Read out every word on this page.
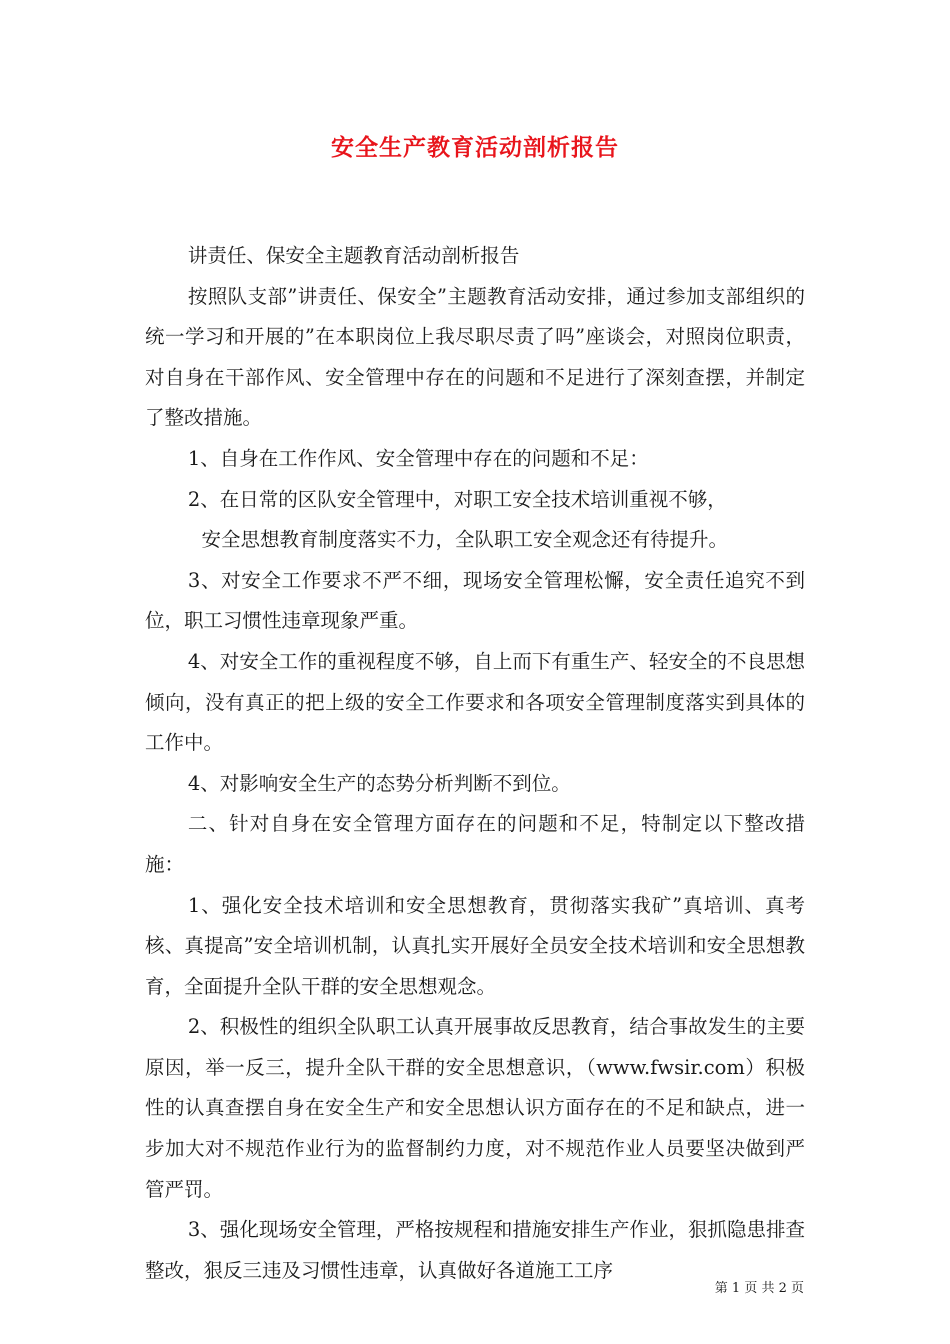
安全生产教育活动剖析报告

讲责任、保安全主题教育活动剖析报告

按照队支部”讲责任、保安全”主题教育活动安排，通过参加支部组织的统一学习和开展的”在本职岗位上我尽职尽责了吗”座谈会，对照岗位职责，对自身在干部作风、安全管理中存在的问题和不足进行了深刻查摆，并制定了整改措施。

1、自身在工作作风、安全管理中存在的问题和不足：

2、在日常的区队安全管理中，对职工安全技术培训重视不够，

安全思想教育制度落实不力，全队职工安全观念还有待提升。

3、对安全工作要求不严不细，现场安全管理松懈，安全责任追究不到位，职工习惯性违章现象严重。

4、对安全工作的重视程度不够，自上而下有重生产、轻安全的不良思想倾向，没有真正的把上级的安全工作要求和各项安全管理制度落实到具体的工作中。

4、对影响安全生产的态势分析判断不到位。

二、针对自身在安全管理方面存在的问题和不足，特制定以下整改措施：

1、强化安全技术培训和安全思想教育，贯彻落实我矿”真培训、真考核、真提高”安全培训机制，认真扎实开展好全员安全技术培训和安全思想教育，全面提升全队干群的安全思想观念。

2、积极性的组织全队职工认真开展事故反思教育，结合事故发生的主要原因，举一反三，提升全队干群的安全思想意识，（www.fwsir.com）积极性的认真查摆自身在安全生产和安全思想认识方面存在的不足和缺点，进一步加大对不规范作业行为的监督制约力度，对不规范作业人员要坚决做到严管严罚。

3、强化现场安全管理，严格按规程和措施安排生产作业，狠抓隐患排查整改，狠反三违及习惯性违章，认真做好各道施工工序

第 1 页 共 2 页
